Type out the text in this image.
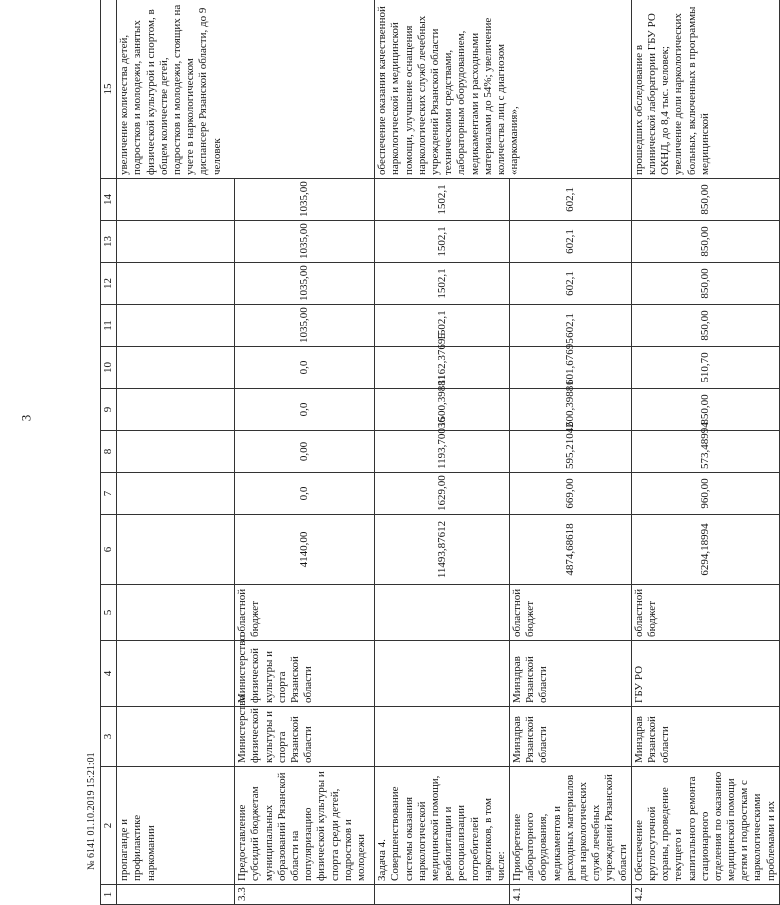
3
1	2	3	4	5	6	7	8	9	10	11	12	13	14	15
	пропаганде и профилактике наркомании													увеличение количества детей, подростков и молодежи, занятых физической культурой и спортом, в общем количестве детей, подростков и молодежи, стоящих на учете в наркологическом диспансере Рязанской области, до 9 человек
3.3	Предоставление субсидий бюджетам муниципальных образований Рязанской области на популяризацию физической культуры и спорта среди детей, подростков и молодежи	Министерство физической культуры и спорта Рязанской области	Министерство физической культуры и спорта Рязанской области	областной бюджет	4140,00	0,0	0,00	0,0	0,0	1035,00	1035,00	1035,00	1035,00	
	Задача 4. Совершенствование системы оказания наркологической медицинской помощи, реабилитации и ресоциализации потребителей наркотиков, в том числе:				11493,87612	1629,00	1193,70036	1500,39881	1162,37695	1502,1	1502,1	1502,1	1502,1	обеспечение оказания качественной наркологической и медицинской помощи, улучшение оснащения наркологических служб лечебных учреждений Рязанской области техническими средствами, лабораторным оборудованием, медикаментами и расходными материалами до 54%; увеличение количества лиц с диагнозом «наркомания»,
4.1	Приобретение лабораторного оборудования, медикаментов и расходных материалов для наркологических служб лечебных учреждений Рязанской области	Минздрав Рязанской области	Минздрав Рязанской области	областной бюджет	4874,68618	669,00	595,21042	600,39881	601,67695	602,1	602,1	602,1	602,1	
4.2	Обеспечение круглосуточной охраны, проведение текущего и капитального ремонта стационарного отделения по оказанию медицинской помощи детям и подросткам с наркологическими проблемами и их	Минздрав Рязанской области	ГБУ РО	областной бюджет	6294,18994	960,00	573,48994	850,00	510,70	850,00	850,00	850,00	850,00	прошедших обследование в клинической лаборатории ГБУ РО ОКНД, до 8,4 тыс. человек; увеличение доли наркологических больных, включенных в программы медицинской
№ 6141 01.10.2019 15:21:01
